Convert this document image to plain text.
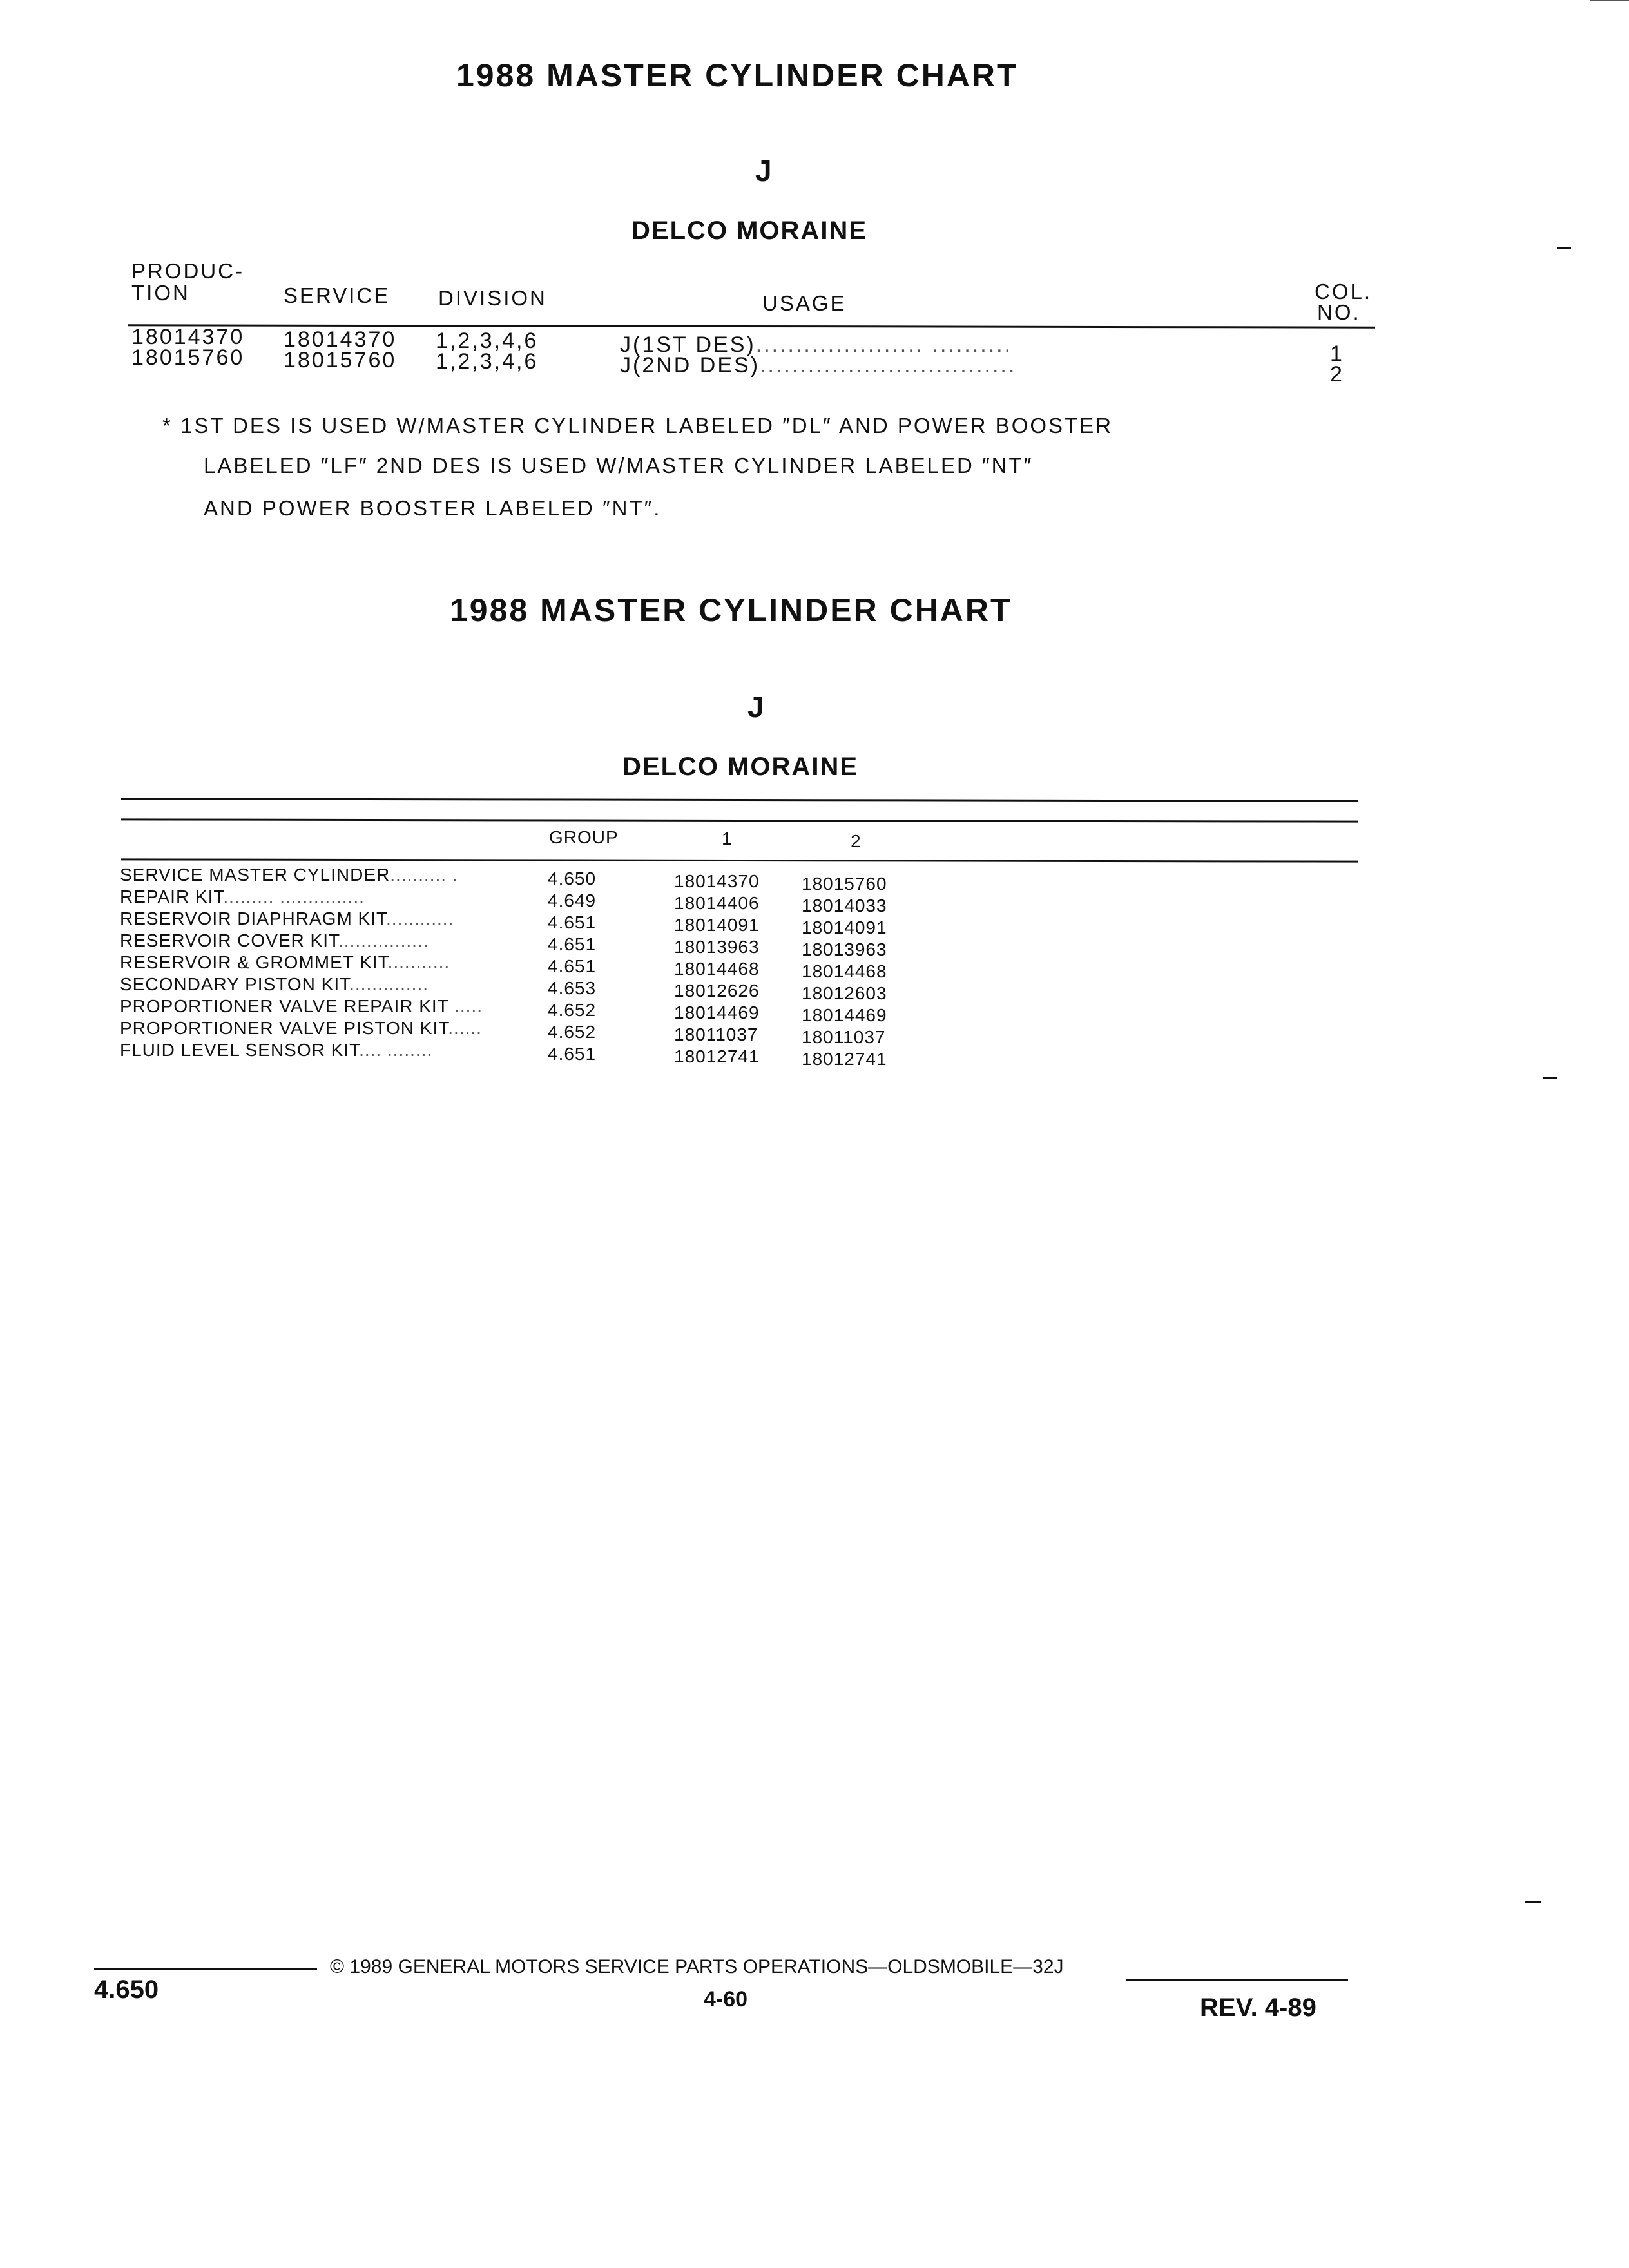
1988 MASTER CYLINDER CHART
J
DELCO MORAINE
PRODUC-
TION	SERVICE DIVISION	USAGE	COL.
NO.
18014370 18014370 1,2,3,4,6	J(1ST DES)..................... ..........	1
18015760 18015760 1,2,3,4,6	J(2ND DES)................................	2
* 1ST DES IS USED W/MASTER CYLINDER LABELED ″DL″ AND POWER BOOSTER
LABELED ″LF″ 2ND DES IS USED W/MASTER CYLINDER LABELED ″NT″
AND POWER BOOSTER LABELED ″NT″.
1988 MASTER CYLINDER CHART
J
DELCO MORAINE
GROUP	1	2
SERVICE MASTER CYLINDER.......... .	4.650	18014370 18015760
REPAIR KIT......... ...............	4.649	18014406 18014033
RESERVOIR DIAPHRAGM KIT............	4.651	18014091 18014091
RESERVOIR COVER KIT................	4.651	18013963 18013963
RESERVOIR & GROMMET KIT...........	4.651	18014468 18014468
SECONDARY PISTON KIT..............	4.653	18012626 18012603
PROPORTIONER VALVE REPAIR KIT .....	4.652	18014469 18014469
PROPORTIONER VALVE PISTON KIT......	4.652	18011037 18011037
FLUID LEVEL SENSOR KIT.... ........	4.651	18012741 18012741
4.650
© 1989 GENERAL MOTORS SERVICE PARTS OPERATIONS—OLDSMOBILE—32J
4-60	REV. 4-89
